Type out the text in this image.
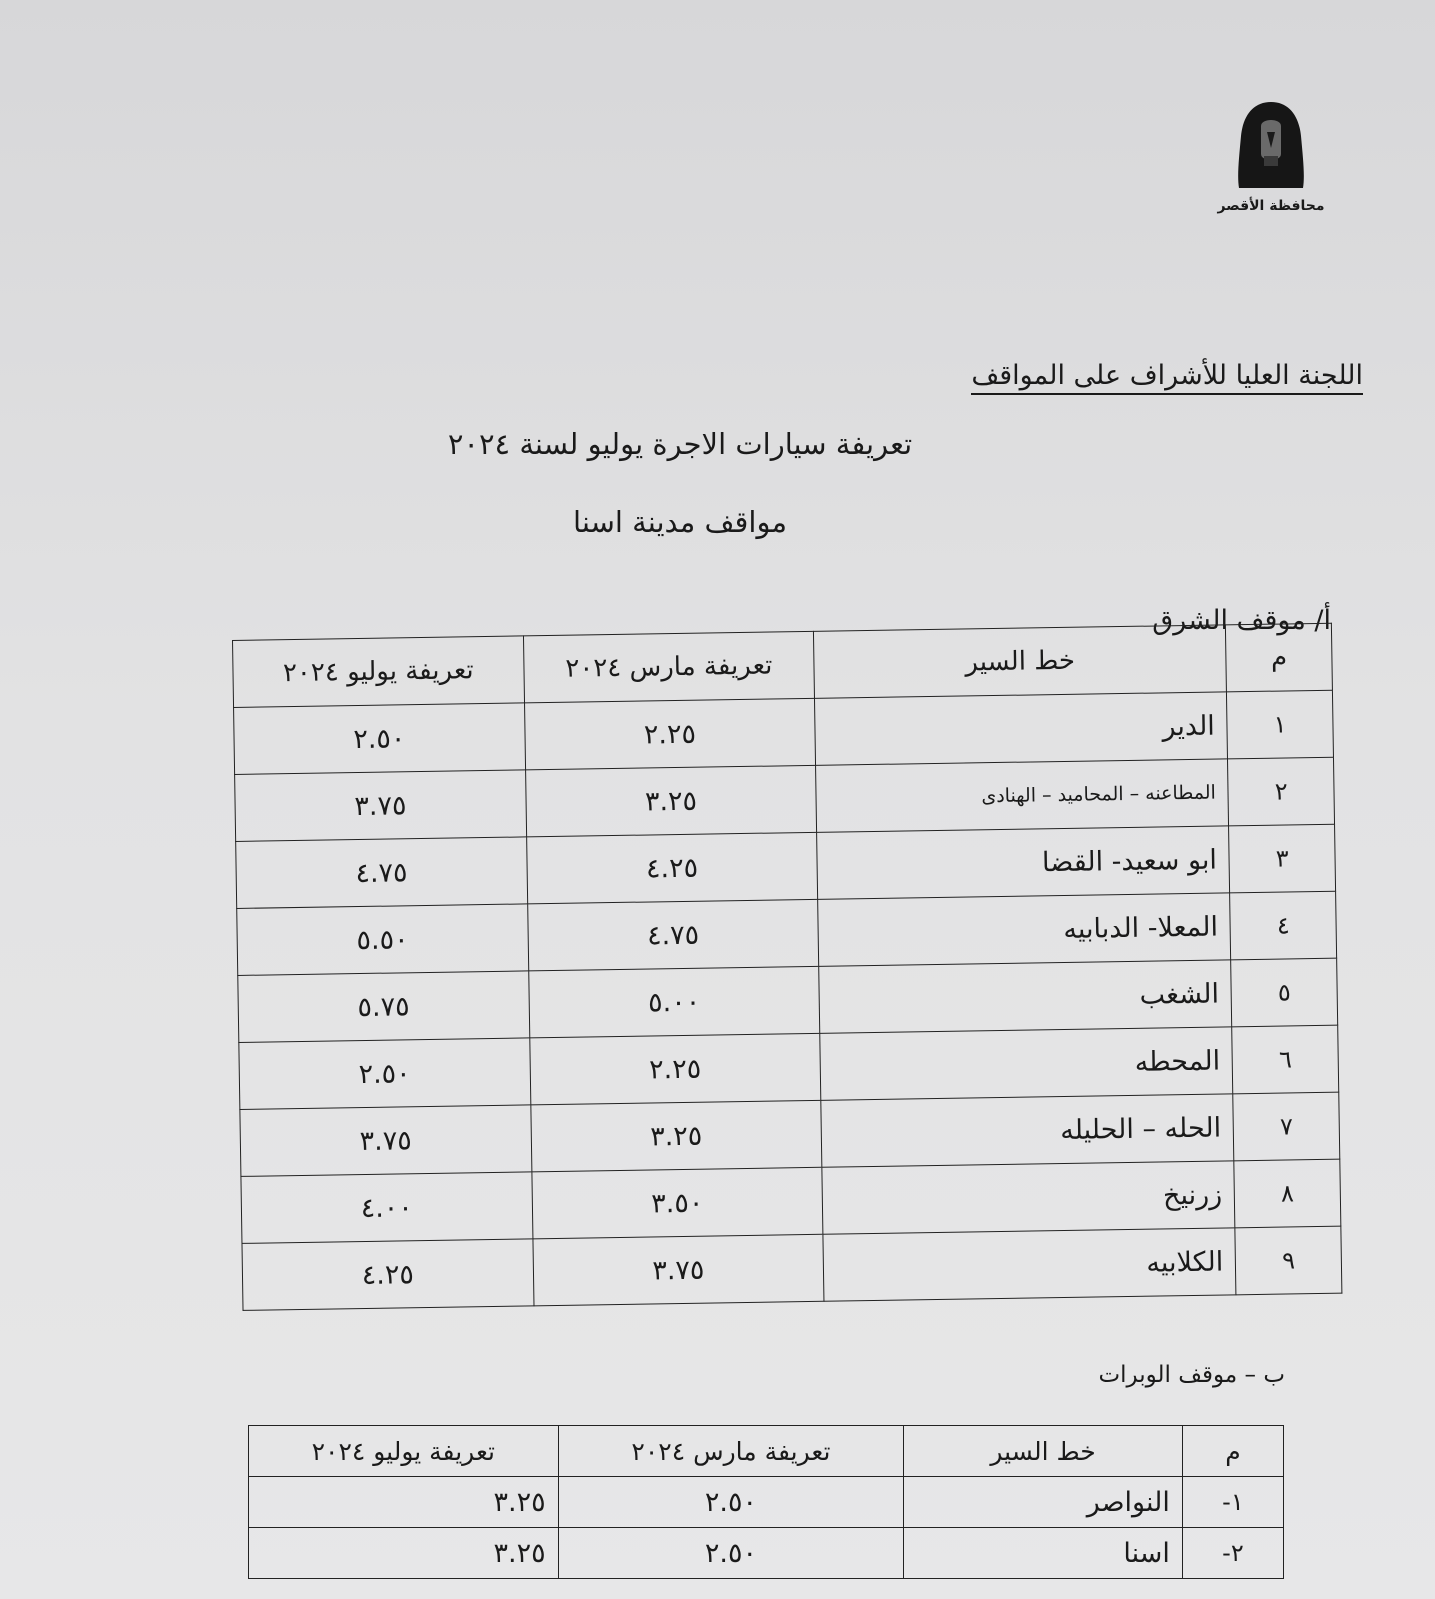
محافظة الأقصر
اللجنة العليا للأشراف على المواقف
تعريفة سيارات الاجرة يوليو لسنة ٢٠٢٤
مواقف مدينة اسنا
أ/ موقف الشرق
م	خط السير	تعريفة مارس ٢٠٢٤	تعريفة يوليو ٢٠٢٤
١	الدير	٢.٢٥	٢.٥٠
٢	المطاعنه – المحاميد – الهنادى	٣.٢٥	٣.٧٥
٣	ابو سعيد- القضا	٤.٢٥	٤.٧٥
٤	المعلا- الدبابيه	٤.٧٥	٥.٥٠
٥	الشغب	٥.٠٠	٥.٧٥
٦	المحطه	٢.٢٥	٢.٥٠
٧	الحله – الحليله	٣.٢٥	٣.٧٥
٨	زرنيخ	٣.٥٠	٤.٠٠
٩	الكلابيه	٣.٧٥	٤.٢٥
ب – موقف الوبرات
م	خط السير	تعريفة مارس ٢٠٢٤	تعريفة يوليو ٢٠٢٤
١-	النواصر	٢.٥٠	٣.٢٥
٢-	اسنا	٢.٥٠	٣.٢٥
